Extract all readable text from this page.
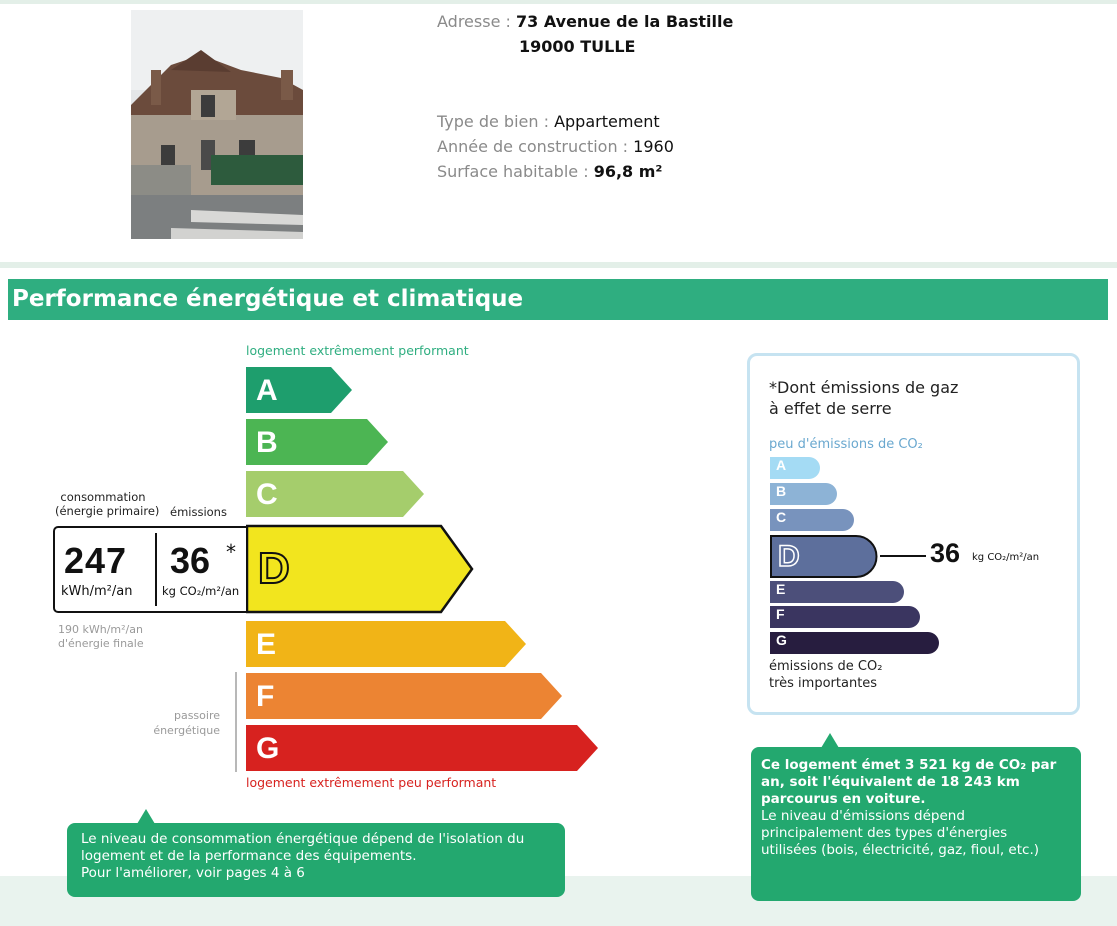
Adresse : 73 Avenue de la Bastille
19000 TULLE
Type de bien : Appartement
Année de construction : 1960
Surface habitable : 96,8 m²
Performance énergétique et climatique
logement extrêmement performant
logement extrêmement peu performant
A
B
C
consommation
(énergie primaire) émissions
247
kWh/m²/an
36 *
kg CO₂/m²/an D
190 kWh/m²/an
d'énergie finale	E
F
G
passoire
énergétique
*Dont émissions de gaz
à effet de serre
peu d'émissions de CO₂
A
B
C
D	36 kg CO₂/m²/an
E
F
G
émissions de CO₂
très importantes
Le niveau de consommation énergétique dépend de l'isolation du
logement et de la performance des équipements.
Pour l'améliorer, voir pages 4 à 6
Ce logement émet 3 521 kg de CO₂ par
an, soit l'équivalent de 18 243 km
parcourus en voiture.
Le niveau d'émissions dépend
principalement des types d'énergies
utilisées (bois, électricité, gaz, fioul, etc.)
